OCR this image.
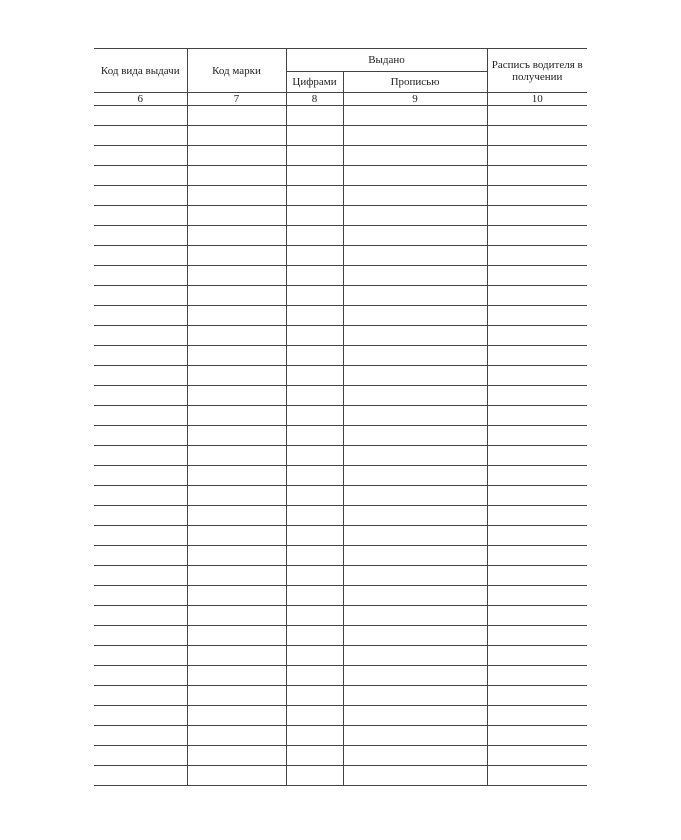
Код вида выдачи	Код марки	Выдано		Расписъ водителя в получении
		Цифрами	Прописью	
6	7	8	9	10
